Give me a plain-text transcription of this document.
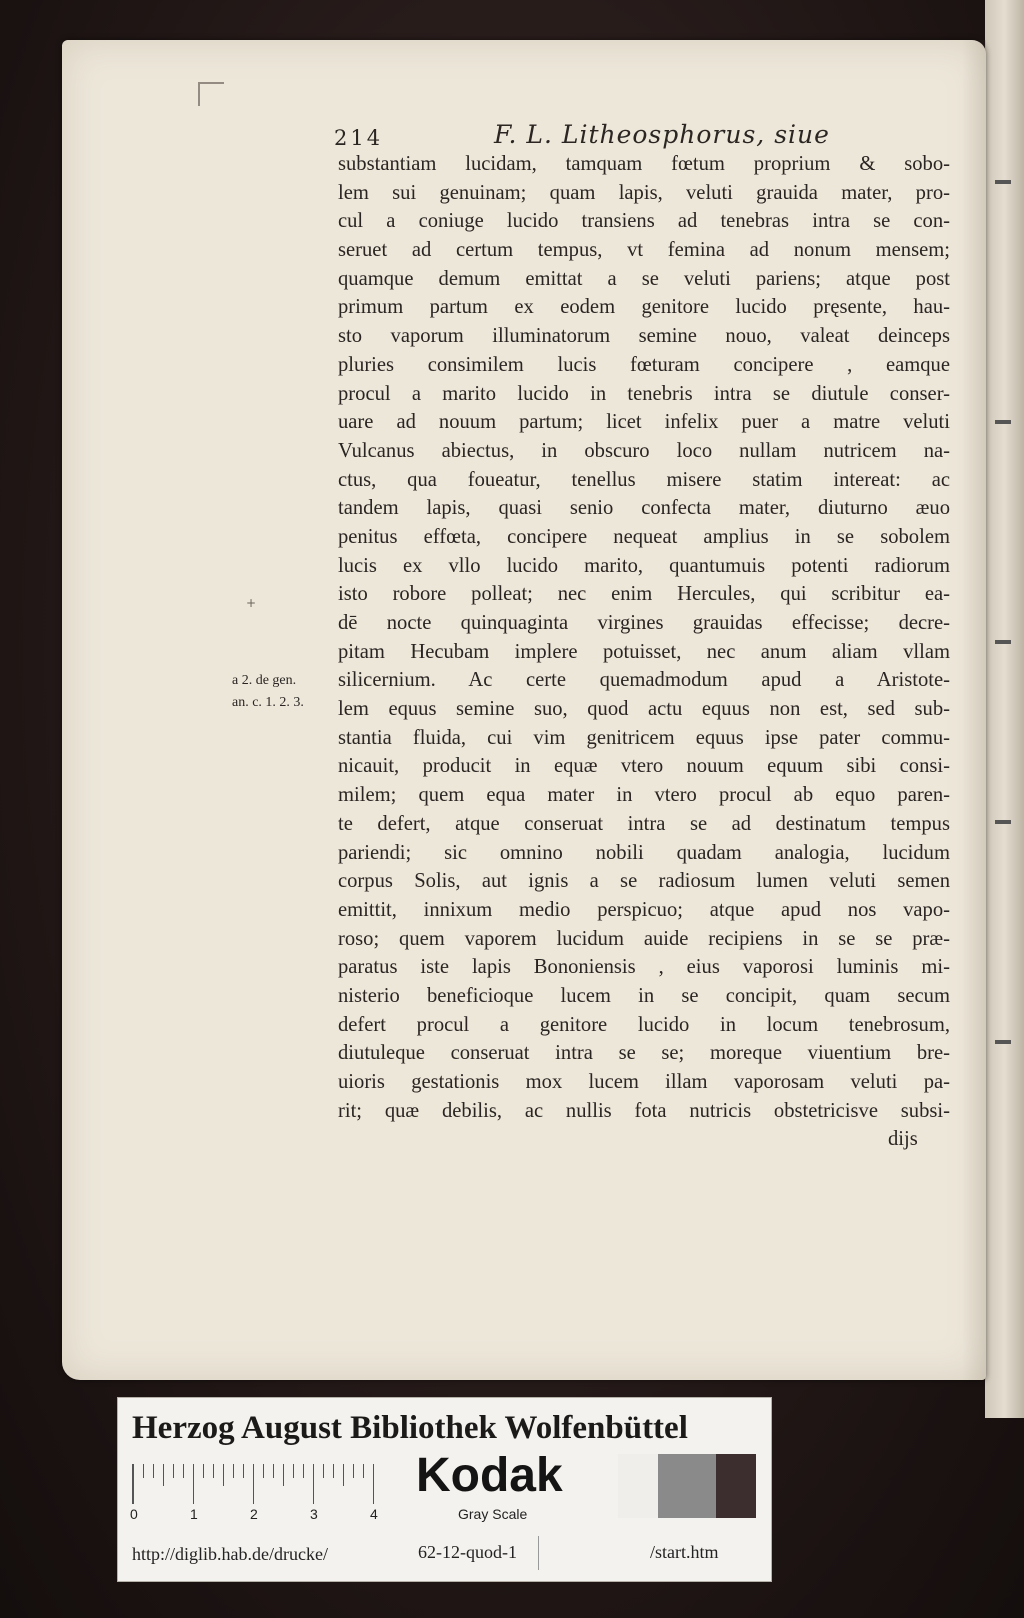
214	F. L. Litheosphorus, siue
substantiam lucidam, tamquam fœtum proprium & sobo-
lem sui genuinam; quam lapis, veluti grauida mater, pro-
cul a coniuge lucido transiens ad tenebras intra se con-
seruet ad certum tempus, vt femina ad nonum mensem;
quamque demum emittat a se veluti pariens; atque post
primum partum ex eodem genitore lucido pręsente, hau-
sto vaporum illuminatorum semine nouo, valeat deinceps
pluries consimilem lucis fœturam concipere , eamque
procul a marito lucido in tenebris intra se diutule conser-
uare ad nouum partum; licet infelix puer a matre veluti
Vulcanus abiectus, in obscuro loco nullam nutricem na-
ctus, qua foueatur, tenellus misere statim intereat: ac
tandem lapis, quasi senio confecta mater, diuturno æuo
penitus effœta, concipere nequeat amplius in se sobolem
lucis ex vllo lucido marito, quantumuis potenti radiorum
isto robore polleat; nec enim Hercules, qui scribitur ea-
dē nocte quinquaginta virgines grauidas effecisse; decre-
pitam Hecubam implere potuisset, nec anum aliam vllam
silicernium. Ac certe quemadmodum apud a Aristote-
lem equus semine suo, quod actu equus non est, sed sub-
stantia fluida, cui vim genitricem equus ipse pater commu-
nicauit, producit in equæ vtero nouum equum sibi consi-
milem; quem equa mater in vtero procul ab equo paren-
te defert, atque conseruat intra se ad destinatum tempus
pariendi; sic omnino nobili quadam analogia, lucidum
corpus Solis, aut ignis a se radiosum lumen veluti semen
emittit, innixum medio perspicuo; atque apud nos vapo-
roso; quem vaporem lucidum auide recipiens in se se præ-
paratus iste lapis Bononiensis , eius vaporosi luminis mi-
nisterio beneficioque lucem in se concipit, quam secum
defert procul a genitore lucido in locum tenebrosum,
diutuleque conseruat intra se se; moreque viuentium bre-
uioris gestationis mox lucem illam vaporosam veluti pa-
rit; quæ debilis, ac nullis fota nutricis obstetricisve subsi-
dijs
+
a 2. de gen.
an. c. 1. 2. 3.
Herzog August Bibliothek Wolfenbüttel
0	1	2	3	4
Kodak
Gray Scale
http://diglib.hab.de/drucke/	62-12-quod-1	/start.htm
